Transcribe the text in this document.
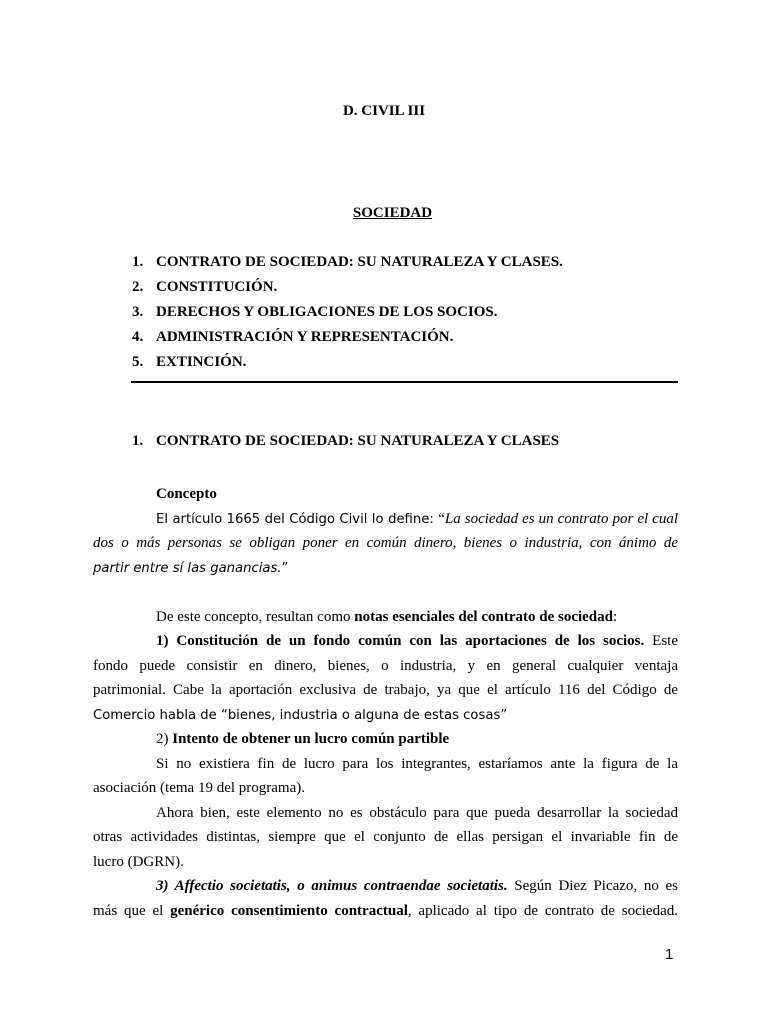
D. CIVIL III
SOCIEDAD
1. CONTRATO DE SOCIEDAD: SU NATURALEZA Y CLASES.
2. CONSTITUCIÓN.
3. DERECHOS Y OBLIGACIONES DE LOS SOCIOS.
4. ADMINISTRACIÓN Y REPRESENTACIÓN.
5. EXTINCIÓN.
1. CONTRATO DE SOCIEDAD: SU NATURALEZA Y CLASES
Concepto
El artículo 1665 del Código Civil lo define: “La sociedad es un contrato por el cual
dos o más personas se obligan poner en común dinero, bienes o industria, con ánimo de
partir entre sí las ganancias.”
De este concepto, resultan como notas esenciales del contrato de sociedad:
1) Constitución de un fondo común con las aportaciones de los socios. Este
fondo puede consistir en dinero, bienes, o industria, y en general cualquier ventaja
patrimonial. Cabe la aportación exclusiva de trabajo, ya que el artículo 116 del Código de
Comercio habla de “bienes, industria o alguna de estas cosas”
2) Intento de obtener un lucro común partible
Si no existiera fin de lucro para los integrantes, estaríamos ante la figura de la
asociación (tema 19 del programa).
Ahora bien, este elemento no es obstáculo para que pueda desarrollar la sociedad
otras actividades distintas, siempre que el conjunto de ellas persigan el invariable fin de
lucro (DGRN).
3) Affectio societatis, o animus contraendae societatis. Según Diez Picazo, no es
más que el genérico consentimiento contractual, aplicado al tipo de contrato de sociedad.
1
